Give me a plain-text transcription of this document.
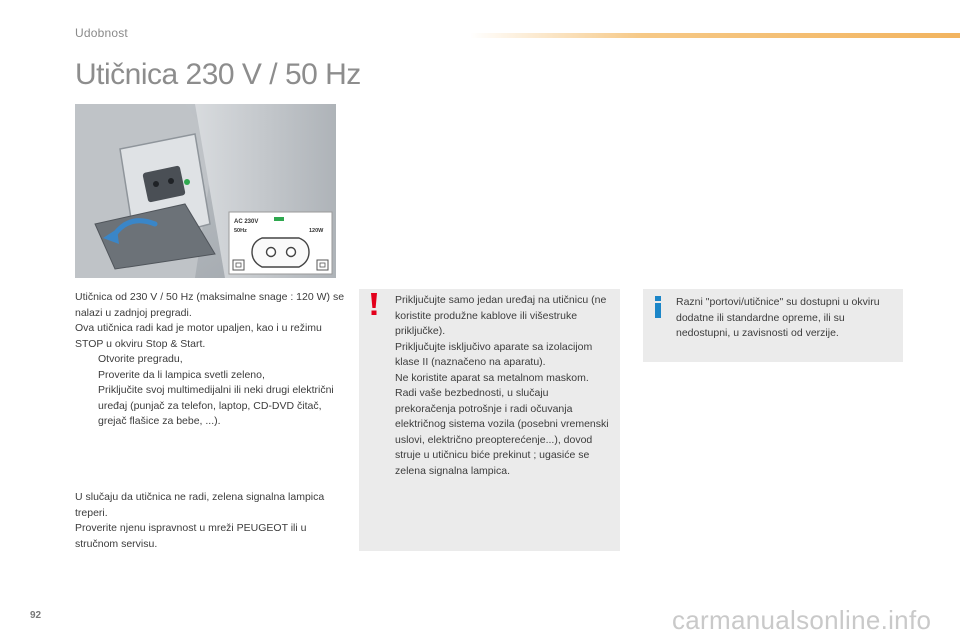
Udobnost
Utičnica 230 V / 50 Hz
AC 230V
50Hz	120W

Utičnica od 230 V / 50 Hz (maksimalne snage : 120 W) se nalazi u zadnjoj pregradi.

Ova utičnica radi kad je motor upaljen, kao i u režimu STOP u okviru Stop & Start.

Otvorite pregradu,
Proverite da li lampica svetli zeleno,
Priključite svoj multimedijalni ili neki drugi električni uređaj (punjač za telefon, laptop, CD-DVD čitač, grejač flašice za bebe, ...).

U slučaju da utičnica ne radi, zelena signalna lampica treperi.

Proverite njenu ispravnost u mreži PEUGEOT ili u stručnom servisu.

Priključujte samo jedan uređaj na utičnicu (ne koristite produžne kablove ili višestruke priključke).

Priključujte isključivo aparate sa izolacijom klase II (naznačeno na aparatu).

Ne koristite aparat sa metalnom maskom.

Radi vaše bezbednosti, u slučaju prekoračenja potrošnje i radi očuvanja električnog sistema vozila (posebni vremenski uslovi, električno preopterećenje...), dovod struje u utičnicu biće prekinut ; ugasiće se zelena signalna lampica.

Razni "portovi/utičnice" su dostupni u okviru dodatne ili standardne opreme, ili su nedostupni, u zavisnosti od verzije.
92	carmanualsonline.info
